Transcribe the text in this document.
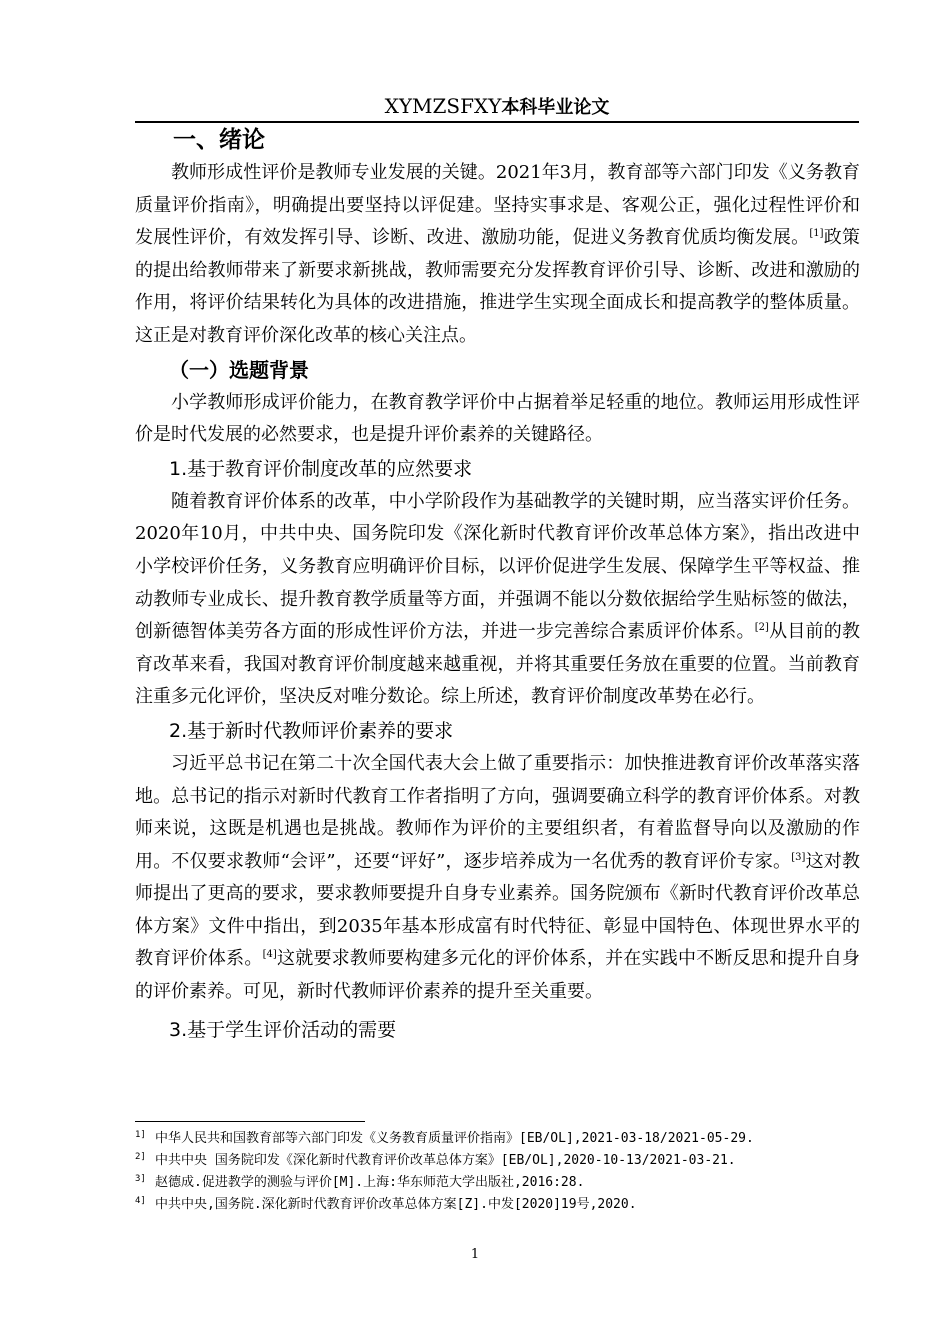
XYMZSFXY本科毕业论文
一、绪论

教师形成性评价是教师专业发展的关键。2021年3月，教育部等六部门印发《义务教育质量评价指南》，明确提出要坚持以评促建。坚持实事求是、客观公正，强化过程性评价和发展性评价，有效发挥引导、诊断、改进、激励功能，促进义务教育优质均衡发展。[1]政策的提出给教师带来了新要求新挑战，教师需要充分发挥教育评价引导、诊断、改进和激励的作用，将评价结果转化为具体的改进措施，推进学生实现全面成长和提高教学的整体质量。这正是对教育评价深化改革的核心关注点。

（一）选题背景

小学教师形成评价能力，在教育教学评价中占据着举足轻重的地位。教师运用形成性评价是时代发展的必然要求，也是提升评价素养的关键路径。

1.基于教育评价制度改革的应然要求

随着教育评价体系的改革，中小学阶段作为基础教学的关键时期，应当落实评价任务。2020年10月，中共中央、国务院印发《深化新时代教育评价改革总体方案》，指出改进中小学校评价任务，义务教育应明确评价目标，以评价促进学生发展、保障学生平等权益、推动教师专业成长、提升教育教学质量等方面，并强调不能以分数依据给学生贴标签的做法，创新德智体美劳各方面的形成性评价方法，并进一步完善综合素质评价体系。[2]从目前的教育改革来看，我国对教育评价制度越来越重视，并将其重要任务放在重要的位置。当前教育注重多元化评价，坚决反对唯分数论。综上所述，教育评价制度改革势在必行。

2.基于新时代教师评价素养的要求

习近平总书记在第二十次全国代表大会上做了重要指示：加快推进教育评价改革落实落地。总书记的指示对新时代教育工作者指明了方向，强调要确立科学的教育评价体系。对教师来说，这既是机遇也是挑战。教师作为评价的主要组织者，有着监督导向以及激励的作用。不仅要求教师“会评”，还要“评好”，逐步培养成为一名优秀的教育评价专家。[3]这对教师提出了更高的要求，要求教师要提升自身专业素养。国务院颁布《新时代教育评价改革总体方案》文件中指出，到2035年基本形成富有时代特征、彰显中国特色、体现世界水平的教育评价体系。[4]这就要求教师要构建多元化的评价体系，并在实践中不断反思和提升自身的评价素养。可见，新时代教师评价素养的提升至关重要。

3.基于学生评价活动的需要

1] 中华人民共和国教育部等六部门印发《义务教育质量评价指南》[EB/OL],2021-03-18/2021-05-29.

2] 中共中央 国务院印发《深化新时代教育评价改革总体方案》[EB/OL],2020-10-13/2021-03-21.

3] 赵德成.促进教学的测验与评价[M].上海:华东师范大学出版社,2016:28.

4] 中共中央,国务院.深化新时代教育评价改革总体方案[Z].中发[2020]19号,2020.

1
